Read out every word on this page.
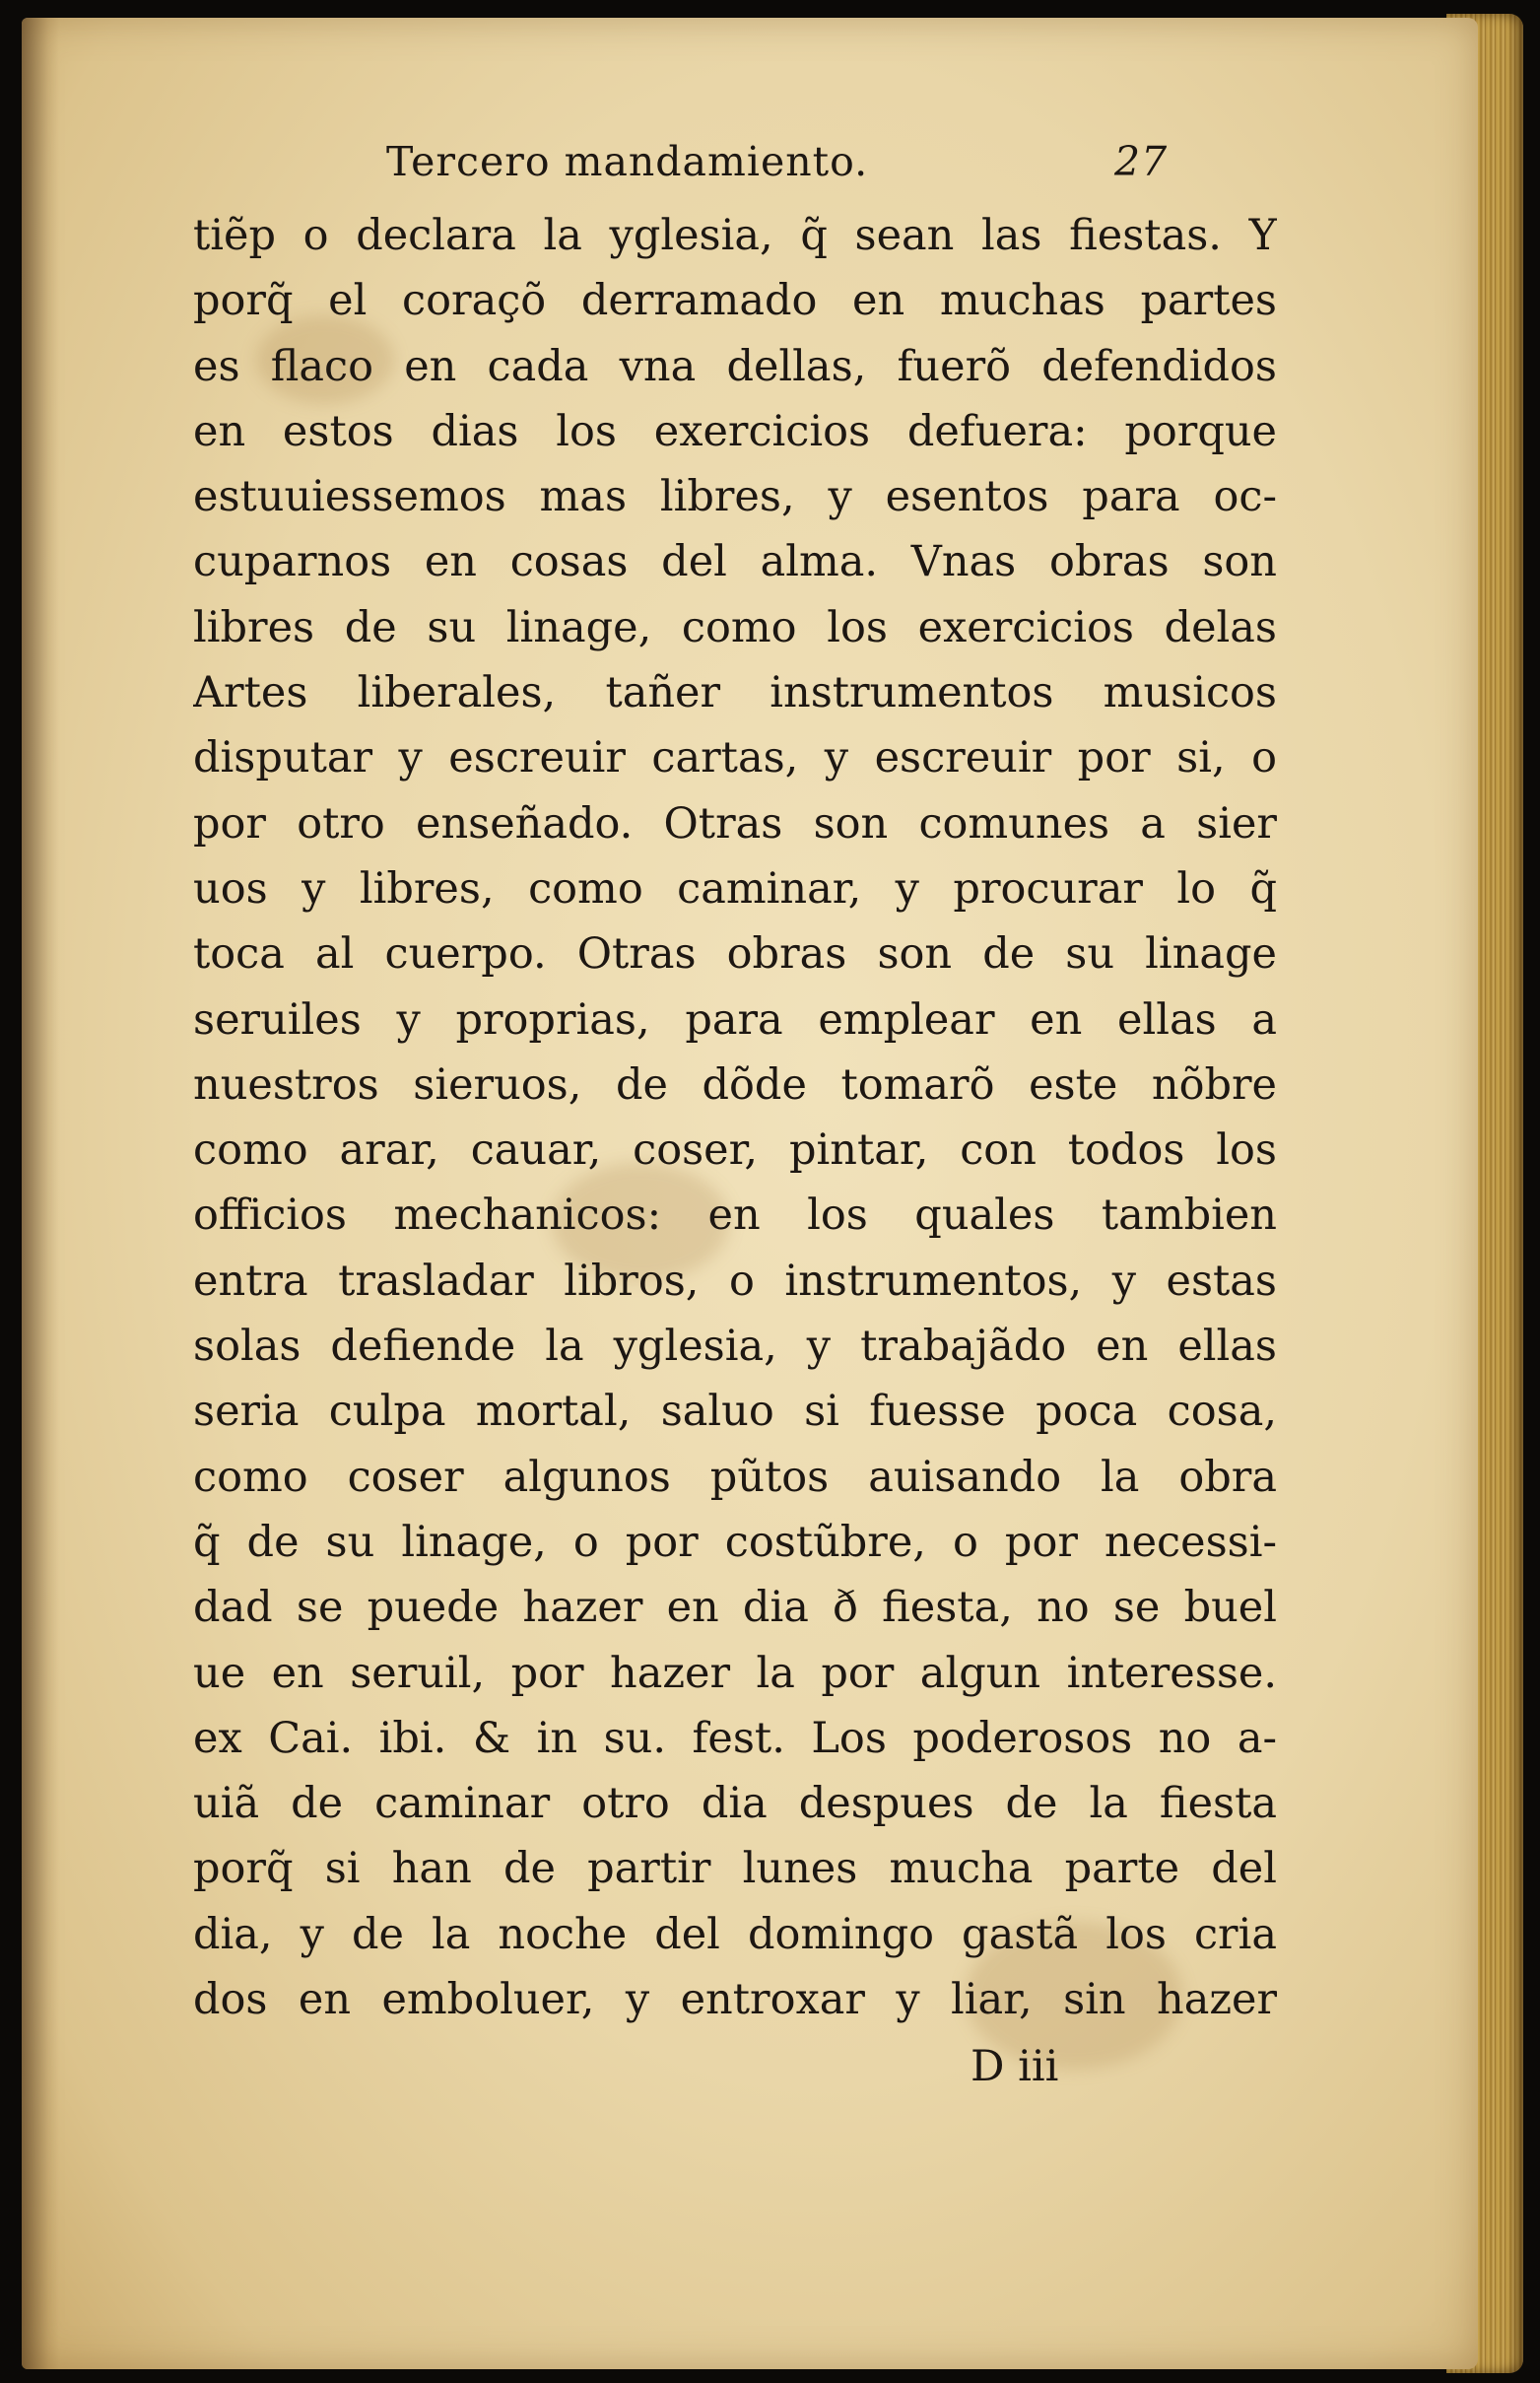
Tercero mandamiento.	27
tiẽp o declara la yglesia, q̃ sean las fiestas. Y
porq̃ el coraçõ derramado en muchas partes
es flaco en cada vna dellas, fuerõ defendidos
en estos dias los exercicios defuera: porque
estuuiessemos mas libres, y esentos para oc-
cuparnos en cosas del alma. Vnas obras son
libres de su linage, como los exercicios delas
Artes liberales, tañer instrumentos musicos
disputar y escreuir cartas, y escreuir por si, o
por otro enseñado. Otras son comunes a sier
uos y libres, como caminar, y procurar lo q̃
toca al cuerpo. Otras obras son de su linage
seruiles y proprias, para emplear en ellas a
nuestros sieruos, de dõde tomarõ este nõbre
como arar, cauar, coser, pintar, con todos los
officios mechanicos: en los quales tambien
entra trasladar libros, o instrumentos, y estas
solas defiende la yglesia, y trabajãdo en ellas
seria culpa mortal, saluo si fuesse poca cosa,
como coser algunos pũtos auisando la obra
q̃ de su linage, o por costũbre, o por necessi-
dad se puede hazer en dia ð fiesta, no se buel
ue en seruil, por hazer la por algun interesse.
ex Cai. ibi. & in su. fest. Los poderosos no a-
uiã de caminar otro dia despues de la fiesta
porq̃ si han de partir lunes mucha parte del
dia, y de la noche del domingo gastã los cria
dos en emboluer, y entroxar y liar, sin hazer
D iii
